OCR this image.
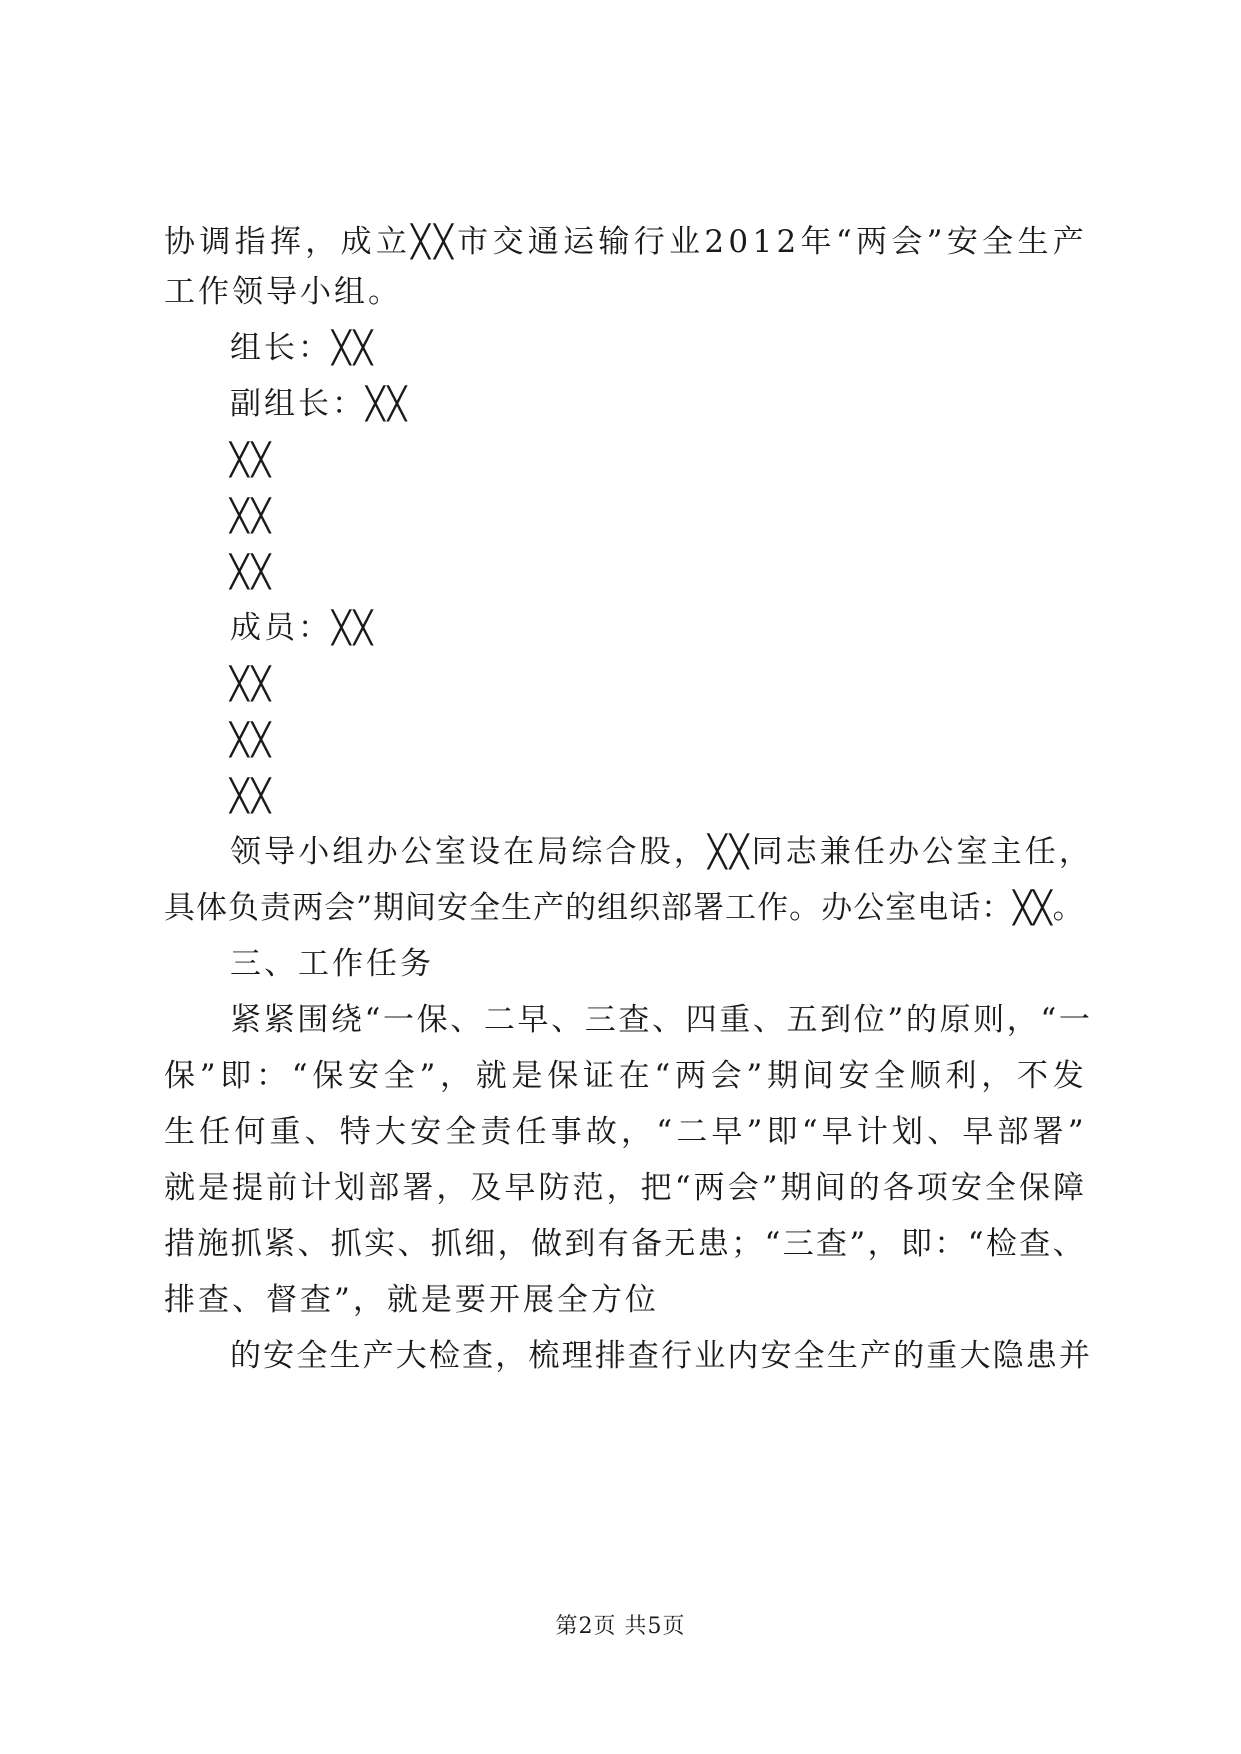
协 调 指 挥 ， 成 立 ╳ ╳ 市 交 通 运 输 行 业 2 0 1 2 年 “ 两 会 ” 安 全 生 产
工作领导小组。
组长：╳╳
副组长：╳╳
╳╳
╳╳
╳╳
成员：╳╳
╳╳
╳╳
╳╳
领 导 小 组 办 公 室 设 在 局 综 合 股 ， ╳ ╳ 同 志 兼 任 办 公 室 主 任 ，
具 体 负 责 两 会 ” 期 间 安 全 生 产 的 组 织 部 署 工 作 。 办 公 室 电 话 ： ╳ ╳ 。
三、工作任务
紧 紧 围 绕 “ 一 保 、 二 早 、 三 查 、 四 重 、 五 到 位 ” 的 原 则 ， “ 一
保 ” 即 ： “ 保 安 全 ” ， 就 是 保 证 在 “ 两 会 ” 期 间 安 全 顺 利 ， 不 发
生 任 何 重 、 特 大 安 全 责 任 事 故 ， “ 二 早 ” 即 “ 早 计 划 、 早 部 署 ”
就 是 提 前 计 划 部 署 ， 及 早 防 范 ， 把 “ 两 会 ” 期 间 的 各 项 安 全 保 障
措 施 抓 紧 、 抓 实 、 抓 细 ， 做 到 有 备 无 患 ； “ 三 查 ” ， 即 ： “ 检 查 、
排查、督查”，就是要开展全方位
的 安 全 生 产 大 检 查 ， 梳 理 排 查 行 业 内 安 全 生 产 的 重 大 隐 患 并
第2页 共5页
